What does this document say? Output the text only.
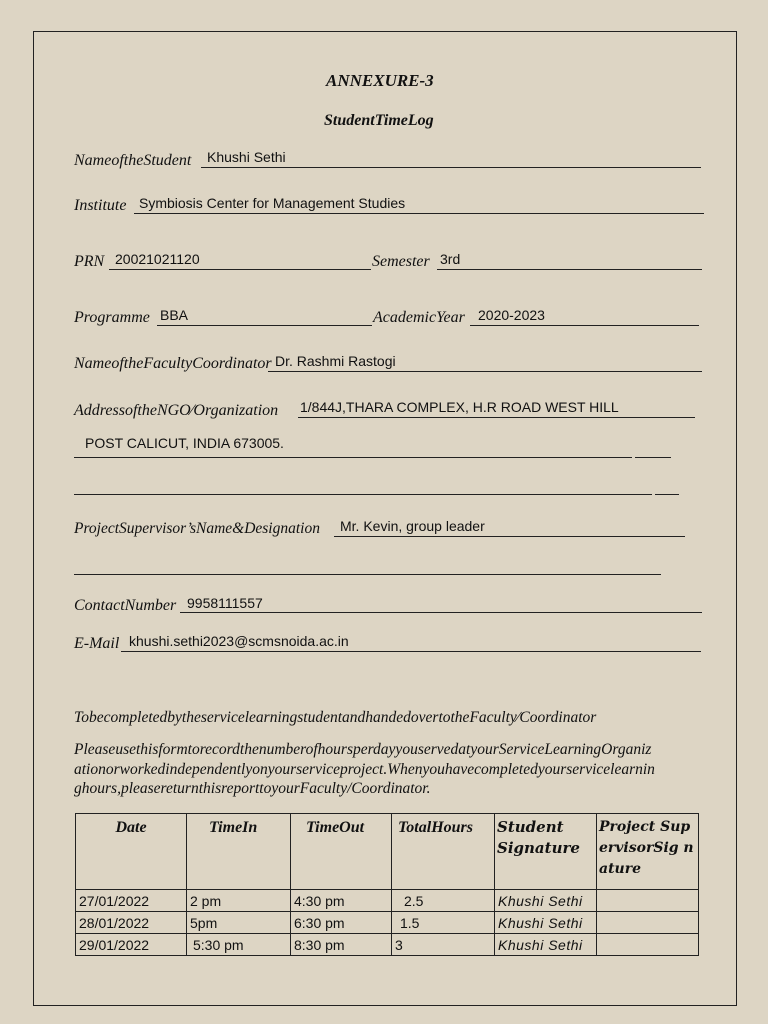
ANNEXURE-3
StudentTimeLog
NameoftheStudent Khushi Sethi
Institute Symbiosis Center for Management Studies
PRN 20021021120	Semester 3rd
Programme BBA	AcademicYear 2020-2023
NameoftheFacultyCoordinator Dr. Rashmi Rastogi
AddressoftheNGO∕Organization 1/844J,THARA COMPLEX, H.R ROAD WEST HILL
POST CALICUT, INDIA 673005.
ProjectSupervisor’sName&Designation Mr. Kevin, group leader
ContactNumber 9958111557
E-Mail khushi.sethi2023@scmsnoida.ac.in
TobecompletedbytheservicelearningstudentandhandedovertotheFaculty∕Coordinator
PleaseusethisformtorecordthenumberofhoursperdayyouservedatyourServiceLearningOrganiz
ationorworkedindependentlyonyourserviceproject.Whenyouhavecompletedyourservicelearnin
ghours,pleasereturnthisreporttoyourFaculty/Coordinator.
Date	TimeIn	TimeOut	TotalHours	Student Signature	Project SupervisorSig nature
27/01/2022	2 pm	4:30 pm	2.5	Khushi Sethi	
28/01/2022	5pm	6:30 pm	1.5	Khushi Sethi	
29/01/2022	5:30 pm	8:30 pm	3	Khushi Sethi	
